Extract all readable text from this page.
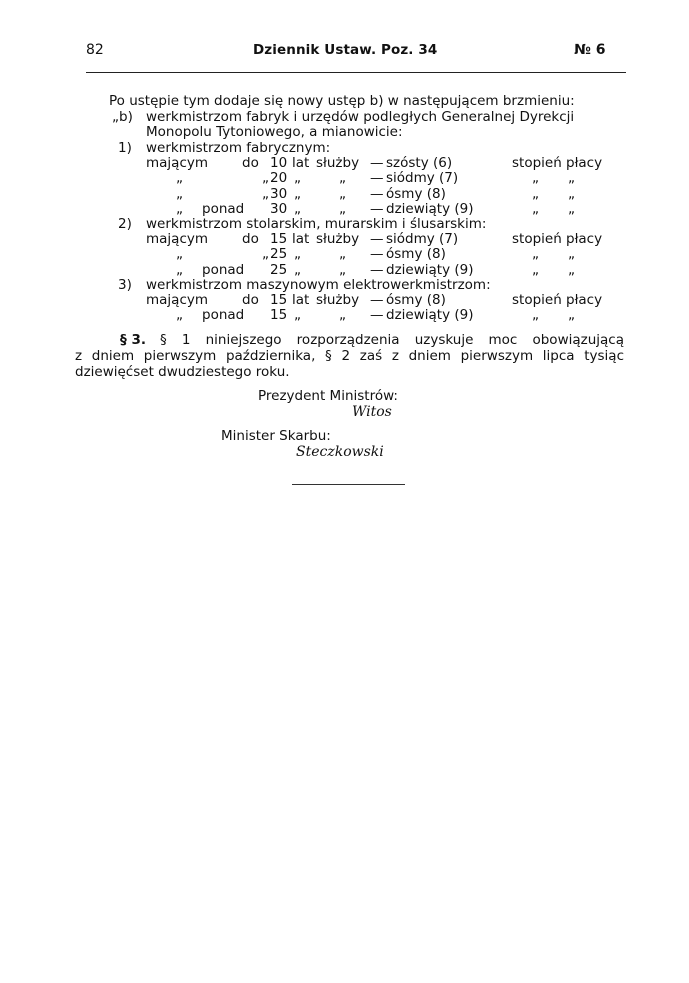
82	Dziennik Ustaw. Poz. 34	№ 6
Po ustępie tym dodaje się nowy ustęp b) w następującem brzmieniu:
„b) werkmistrzom fabryk i urzędów podległych Generalnej Dyrekcji
Monopolu Tytoniowego, a mianowicie:
1) werkmistrzom fabrycznym:
mającym	do 10 lat służby — szósty (6)	stopień płacy
„	„ 20 „	„ — siódmy (7)	„ „
„	„ 30 „	„ — ósmy (8)	„ „
„ ponad 30 „	„ — dziewiąty (9)	„ „
2) werkmistrzom stolarskim, murarskim i ślusarskim:
mającym	do 15 lat służby — siódmy (7)	stopień płacy
„	„ 25 „	„ — ósmy (8)	„ „
„ ponad 25 „	„ — dziewiąty (9)	„ „
3) werkmistrzom maszynowym elektrowerkmistrzom:
mającym	do 15 lat służby — ósmy (8)	stopień płacy
„ ponad 15 „	„ — dziewiąty (9)	„ „
§ 3. § 1 niniejszego rozporządzenia uzyskuje moc obowiązującą
z dniem pierwszym października, § 2 zaś z dniem pierwszym lipca tysiąc
dziewięćset dwudziestego roku.
Prezydent Ministrów:
Witos
Minister Skarbu:
Steczkowski
